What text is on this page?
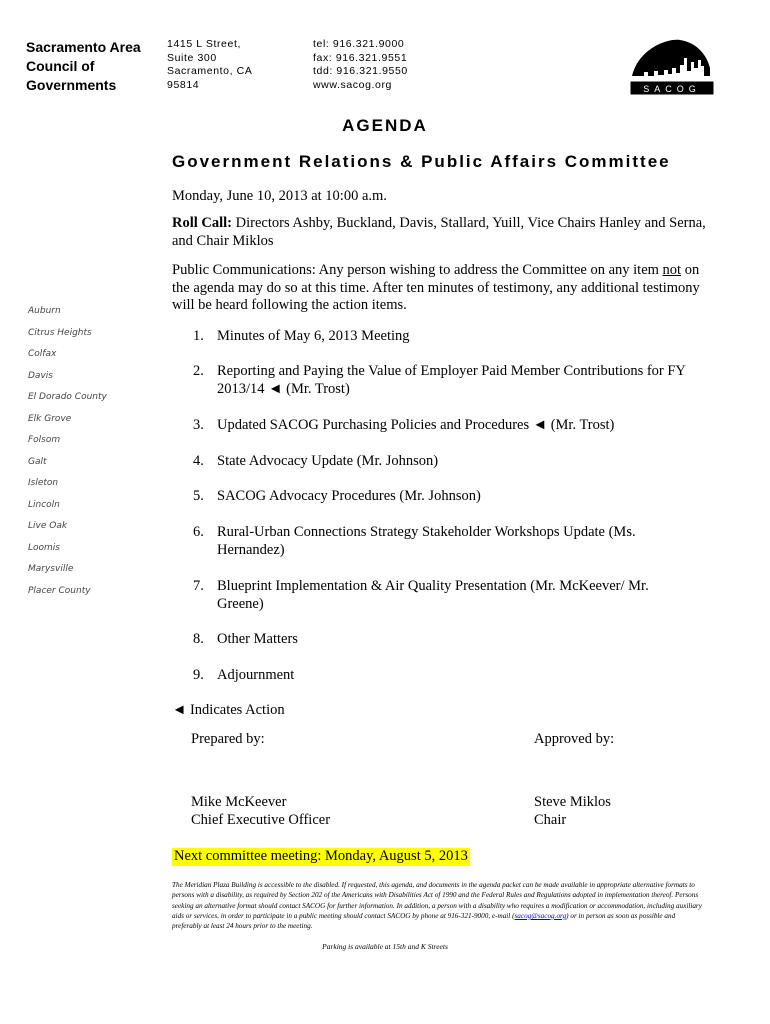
Sacramento Area
Council of
Governments
1415 L Street,
Suite 300
Sacramento, CA
95814
tel: 916.321.9000
fax: 916.321.9551
tdd: 916.321.9550
www.sacog.org	SACOG
AGENDA
Government Relations & Public Affairs Committee
Monday, June 10, 2013 at 10:00 a.m.
Roll Call: Directors Ashby, Buckland, Davis, Stallard, Yuill, Vice Chairs Hanley and Serna, and Chair Miklos
Public Communications: Any person wishing to address the Committee on any item not on the agenda may do so at this time. After ten minutes of testimony, any additional testimony will be heard following the action items.
Auburn
Citrus Heights
Colfax
Davis
El Dorado County
Elk Grove
Folsom
Galt
Isleton
Lincoln
Live Oak
Loomis
Marysville
Placer County
1. Minutes of May 6, 2013 Meeting
2. Reporting and Paying the Value of Employer Paid Member Contributions for FY 2013/14 ◄ (Mr. Trost)
3. Updated SACOG Purchasing Policies and Procedures ◄ (Mr. Trost)
4. State Advocacy Update (Mr. Johnson)
5. SACOG Advocacy Procedures (Mr. Johnson)
6. Rural-Urban Connections Strategy Stakeholder Workshops Update (Ms. Hernandez)
7. Blueprint Implementation & Air Quality Presentation (Mr. McKeever/ Mr. Greene)
8. Other Matters
9. Adjournment
◄ Indicates Action
Prepared by:	Approved by:
Mike McKeever
Chief Executive Officer
Steve Miklos
Chair
Next committee meeting: Monday, August 5, 2013
The Meridian Plaza Building is accessible to the disabled. If requested, this agenda, and documents in the agenda packet can be made available in appropriate alternative formats to persons with a disability, as required by Section 202 of the Americans with Disabilities Act of 1990 and the Federal Rules and Regulations adopted in implementation thereof. Persons seeking an alternative format should contact SACOG for further information. In addition, a person with a disability who requires a modification or accommodation, including auxiliary aids or services, in order to participate in a public meeting should contact SACOG by phone at 916-321-9000, e-mail (sacog@sacog.org) or in person as soon as possible and preferably at least 24 hours prior to the meeting.
Parking is available at 15th and K Streets
